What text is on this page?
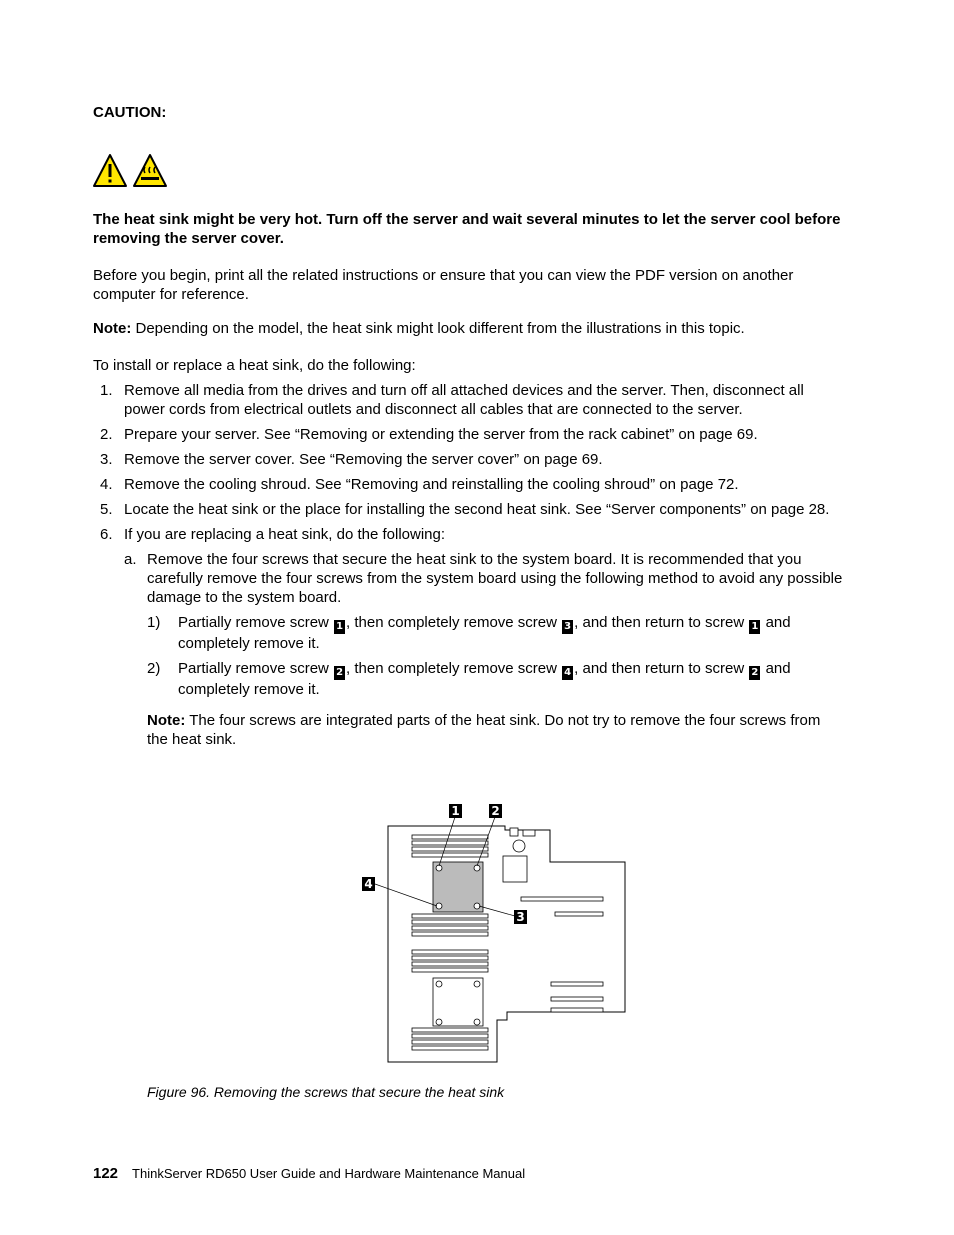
CAUTION:

The heat sink might be very hot. Turn off the server and wait several minutes to let the server cool before removing the server cover.

Before you begin, print all the related instructions or ensure that you can view the PDF version on another computer for reference.

Note: Depending on the model, the heat sink might look different from the illustrations in this topic.

To install or replace a heat sink, do the following:

1. Remove all media from the drives and turn off all attached devices and the server. Then, disconnect all power cords from electrical outlets and disconnect all cables that are connected to the server.
2. Prepare your server. See “Removing or extending the server from the rack cabinet” on page 69.
3. Remove the server cover. See “Removing the server cover” on page 69.
4. Remove the cooling shroud. See “Removing and reinstalling the cooling shroud” on page 72.
5. Locate the heat sink or the place for installing the second heat sink. See “Server components” on page 28.
6. If you are replacing a heat sink, do the following:
a. Remove the four screws that secure the heat sink to the system board. It is recommended that you carefully remove the four screws from the system board using the following method to avoid any possible damage to the system board.
1) Partially remove screw 1 , then completely remove screw 3 , and then return to screw 1 and completely remove it.
2) Partially remove screw 2 , then completely remove screw 4 , and then return to screw 2 and completely remove it.

Note: The four screws are integrated parts of the heat sink. Do not try to remove the four screws from the heat sink.

1	2
3
4
Figure 96. Removing the screws that secure the heat sink
122 ThinkServer RD650 User Guide and Hardware Maintenance Manual
